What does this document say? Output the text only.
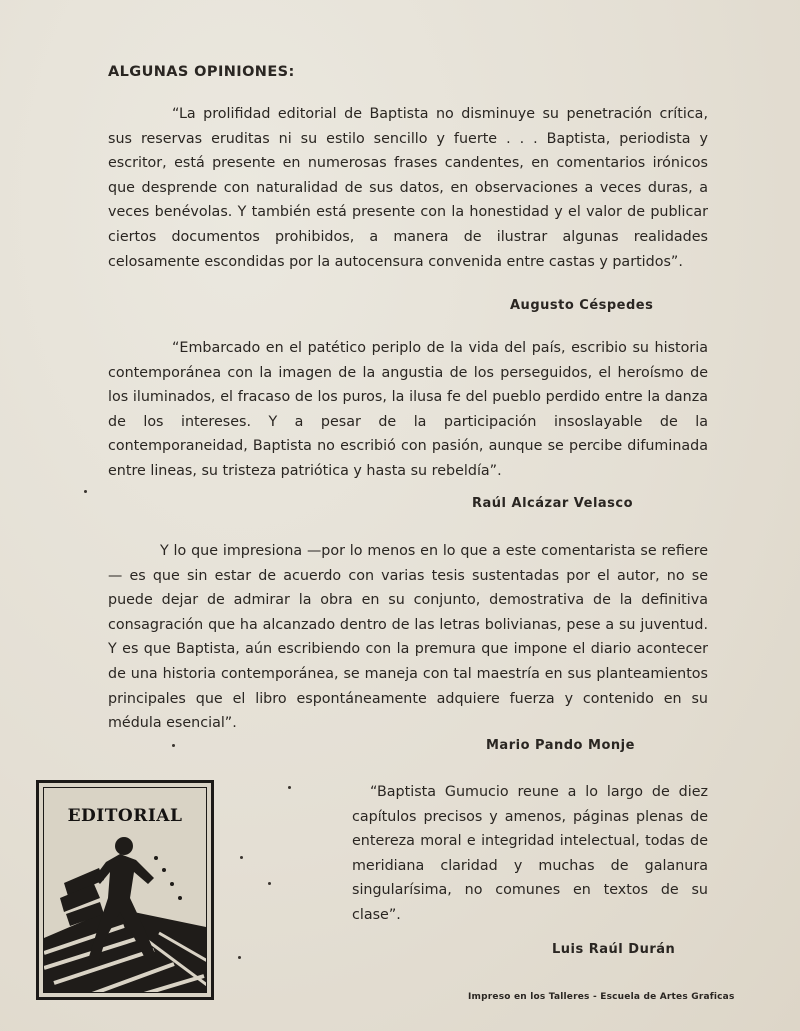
ALGUNAS OPINIONES:

“La prolifidad editorial de Baptista no disminuye su penetración crítica, sus reservas eruditas ni su estilo sencillo y fuerte . . . Baptista, periodista y escritor, está presente en numerosas frases candentes, en comentarios irónicos que desprende con naturalidad de sus datos, en observaciones a veces duras, a veces benévolas. Y también está presente con la honestidad y el valor de publicar ciertos documentos prohibidos, a manera de ilustrar algunas realidades celosamente escondidas por la autocensura convenida entre castas y partidos”.

Augusto Céspedes

“Embarcado en el patético periplo de la vida del país, escribio su historia contemporánea con la imagen de la angustia de los perseguidos, el heroísmo de los iluminados, el fracaso de los puros, la ilusa fe del pueblo perdido entre la danza de los intereses. Y a pesar de la participación insoslayable de la contemporaneidad, Baptista no escribió con pasión, aunque se percibe difuminada entre lineas, su tristeza patriótica y hasta su rebeldía”.

Raúl Alcázar Velasco

Y lo que impresiona —por lo menos en lo que a este comentarista se refiere— es que sin estar de acuerdo con varias tesis sustentadas por el autor, no se puede dejar de admirar la obra en su conjunto, demostrativa de la definitiva consagración que ha alcanzado dentro de las letras bolivianas, pese a su juventud. Y es que Baptista, aún escribiendo con la premura que impone el diario acontecer de una historia contemporánea, se maneja con tal maestría en sus planteamientos principales que el libro espontáneamente adquiere fuerza y contenido en su médula esencial”.

Mario Pando Monje

“Baptista Gumucio reune a lo largo de diez capítulos precisos y amenos, páginas plenas de entereza moral e integridad intelectual, todas de meridiana claridad y muchas de galanura singularísima, no comunes en textos de su clase”.

Luis Raúl Durán
EDITORIAL
Impreso en los Talleres - Escuela de Artes Graficas
